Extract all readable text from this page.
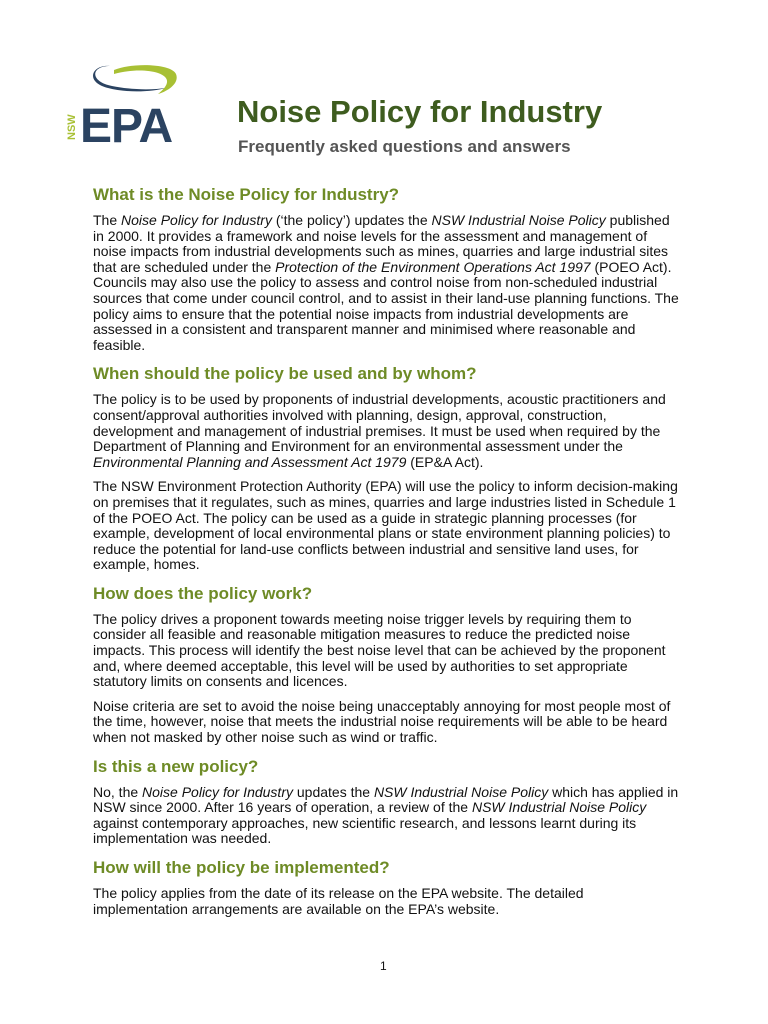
NSW EPA Noise Policy for Industry
Frequently asked questions and answers
What is the Noise Policy for Industry?

The Noise Policy for Industry (‘the policy’) updates the NSW Industrial Noise Policy published in 2000. It provides a framework and noise levels for the assessment and management of noise impacts from industrial developments such as mines, quarries and large industrial sites that are scheduled under the Protection of the Environment Operations Act 1997 (POEO Act). Councils may also use the policy to assess and control noise from non-scheduled industrial sources that come under council control, and to assist in their land-use planning functions. The policy aims to ensure that the potential noise impacts from industrial developments are assessed in a consistent and transparent manner and minimised where reasonable and feasible.

When should the policy be used and by whom?

The policy is to be used by proponents of industrial developments, acoustic practitioners and consent/approval authorities involved with planning, design, approval, construction, development and management of industrial premises. It must be used when required by the Department of Planning and Environment for an environmental assessment under the Environmental Planning and Assessment Act 1979 (EP&A Act).

The NSW Environment Protection Authority (EPA) will use the policy to inform decision-making on premises that it regulates, such as mines, quarries and large industries listed in Schedule 1 of the POEO Act. The policy can be used as a guide in strategic planning processes (for example, development of local environmental plans or state environment planning policies) to reduce the potential for land-use conflicts between industrial and sensitive land uses, for example, homes.

How does the policy work?

The policy drives a proponent towards meeting noise trigger levels by requiring them to consider all feasible and reasonable mitigation measures to reduce the predicted noise impacts. This process will identify the best noise level that can be achieved by the proponent and, where deemed acceptable, this level will be used by authorities to set appropriate statutory limits on consents and licences.

Noise criteria are set to avoid the noise being unacceptably annoying for most people most of the time, however, noise that meets the industrial noise requirements will be able to be heard when not masked by other noise such as wind or traffic.

Is this a new policy?

No, the Noise Policy for Industry updates the NSW Industrial Noise Policy which has applied in NSW since 2000. After 16 years of operation, a review of the NSW Industrial Noise Policy against contemporary approaches, new scientific research, and lessons learnt during its implementation was needed.

How will the policy be implemented?

The policy applies from the date of its release on the EPA website. The detailed implementation arrangements are available on the EPA’s website.

1
